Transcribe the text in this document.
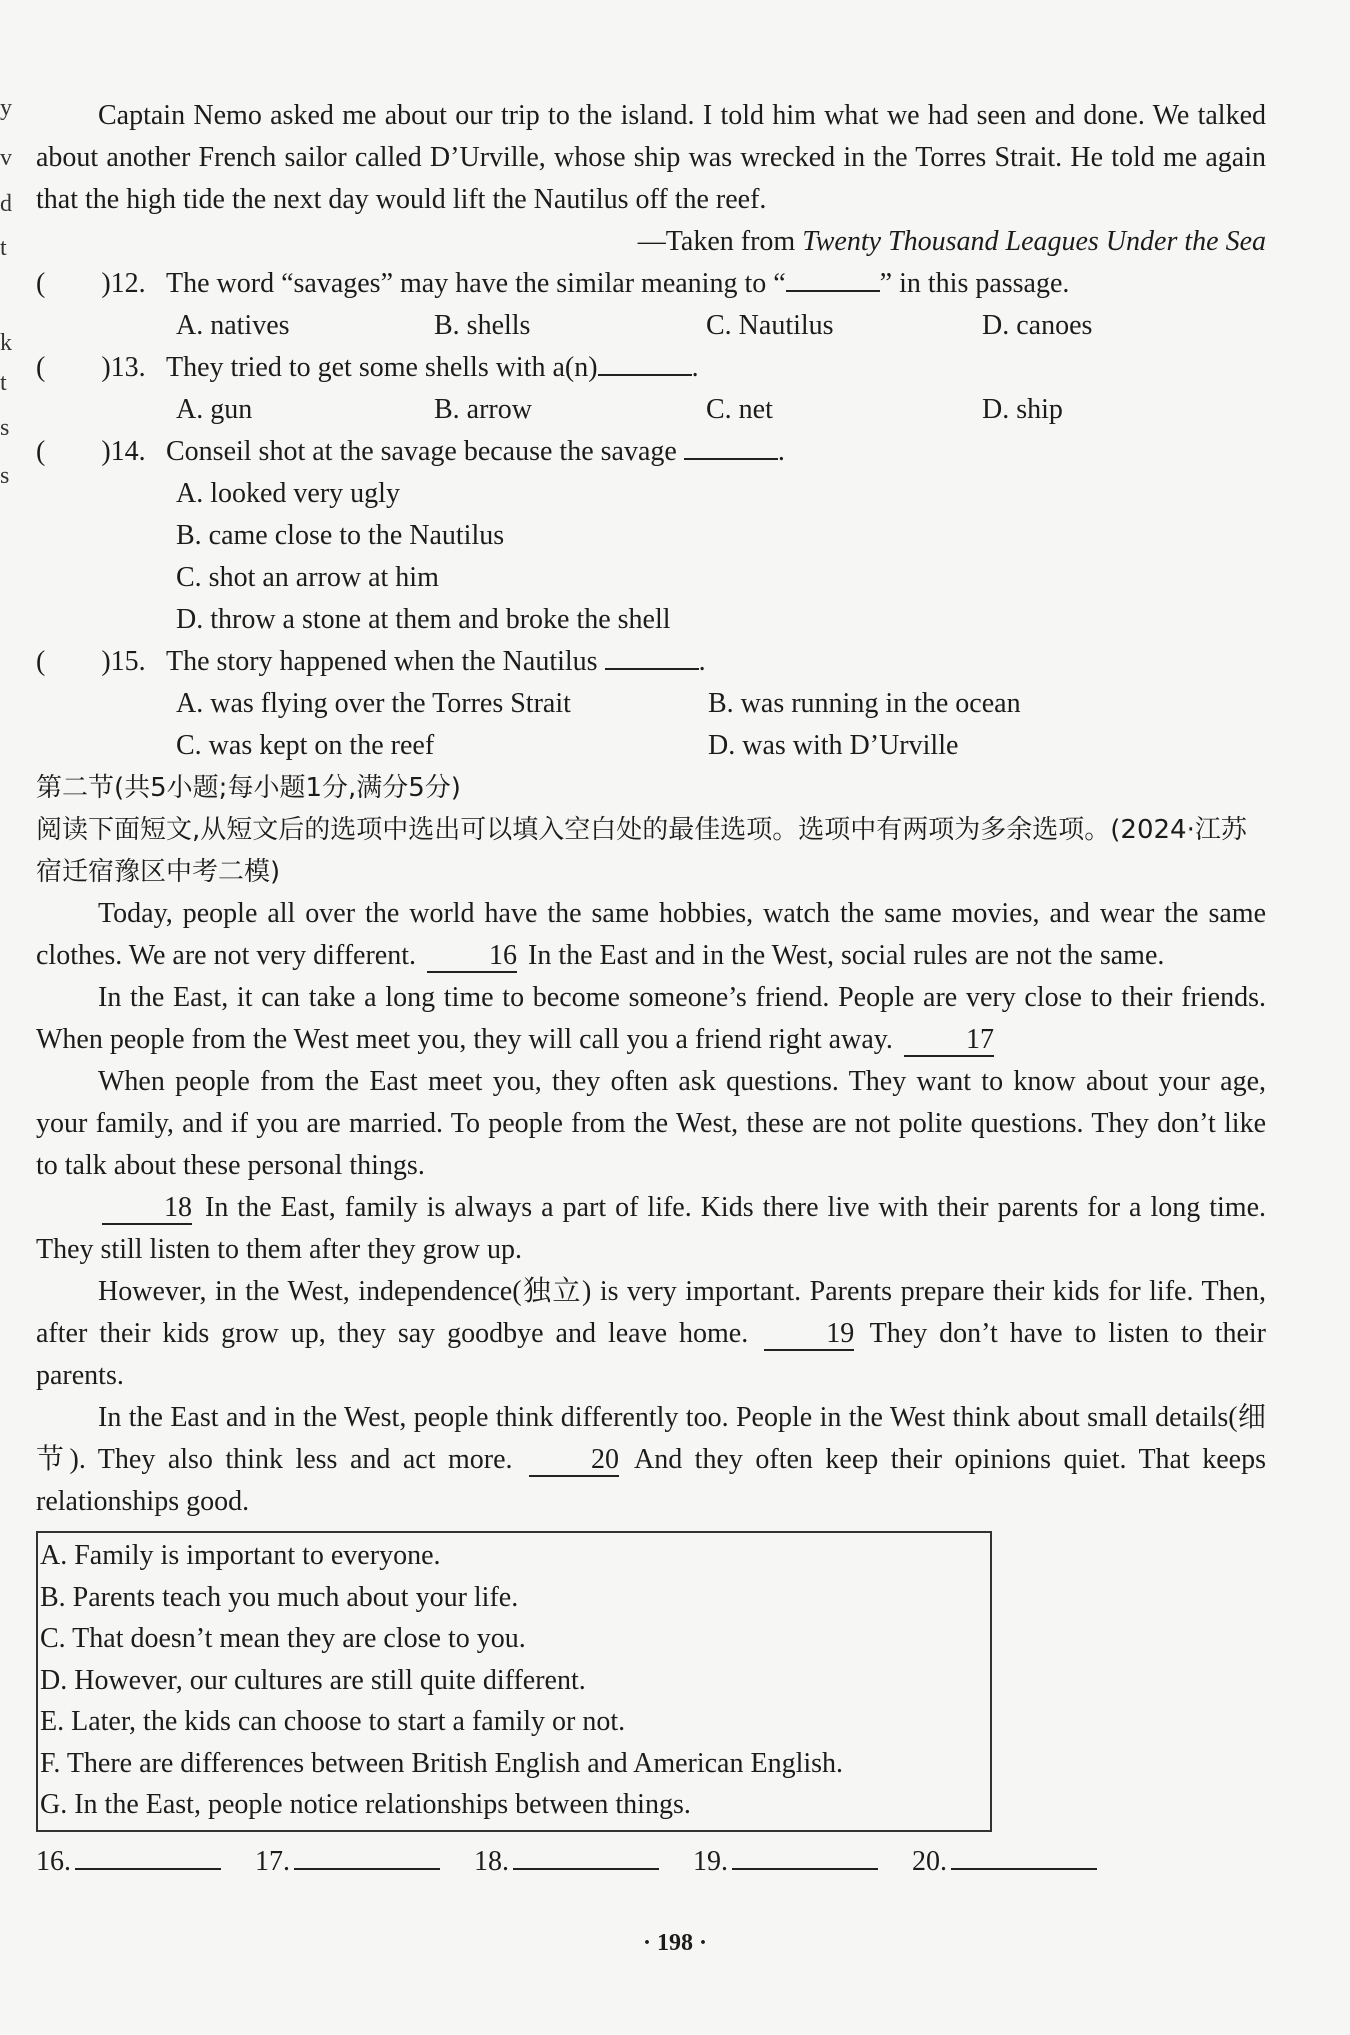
y
v
d
t
k
t
s
s

Captain Nemo asked me about our trip to the island. I told him what we had seen and done. We talked about another French sailor called D’Urville, whose ship was wrecked in the Torres Strait. He told me again that the high tide the next day would lift the Nautilus off the reef.

—Taken from Twenty Thousand Leagues Under the Sea

(　　)12. The word “savages” may have the similar meaning to “	” in this passage.
A. natives	B. shells	C. Nautilus	D. canoes
(　　)13. They tried to get some shells with a(n)	.
A. gun	B. arrow	C. net	D. ship
(　　)14. Conseil shot at the savage because the savage	.

A. looked very ugly

B. came close to the Nautilus

C. shot an arrow at him

D. throw a stone at them and broke the shell

(　　)15. The story happened when the Nautilus	.
A. was flying over the Torres Strait	B. was running in the ocean
C. was kept on the reef	D. was with D’Urville

第二节(共5小题;每小题1分,满分5分)

阅读下面短文,从短文后的选项中选出可以填入空白处的最佳选项。选项中有两项为多余选项。(2024·江苏宿迁宿豫区中考二模)

Today, people all over the world have the same hobbies, watch the same movies, and wear the same clothes. We are not very different.	16 In the East and in the West, social rules are not the same.

In the East, it can take a long time to become someone’s friend. People are very close to their friends. When people from the West meet you, they will call you a friend right away.	17

When people from the East meet you, they often ask questions. They want to know about your age, your family, and if you are married. To people from the West, these are not polite questions. They don’t like to talk about these personal things.

18 In the East, family is always a part of life. Kids there live with their parents for a long time. They still listen to them after they grow up.

However, in the West, independence(独立) is very important. Parents prepare their kids for life. Then, after their kids grow up, they say goodbye and leave home.	19 They don’t have to listen to their parents.

In the East and in the West, people think differently too. People in the West think about small details(细节). They also think less and act more.	20 And they often keep their opinions quiet. That keeps relationships good.

A. Family is important to everyone.

B. Parents teach you much about your life.

C. That doesn’t mean they are close to you.

D. However, our cultures are still quite different.

E. Later, the kids can choose to start a family or not.

F. There are differences between British English and American English.

G. In the East, people notice relationships between things.

16.	17.	18.	19.	20.
· 198 ·
